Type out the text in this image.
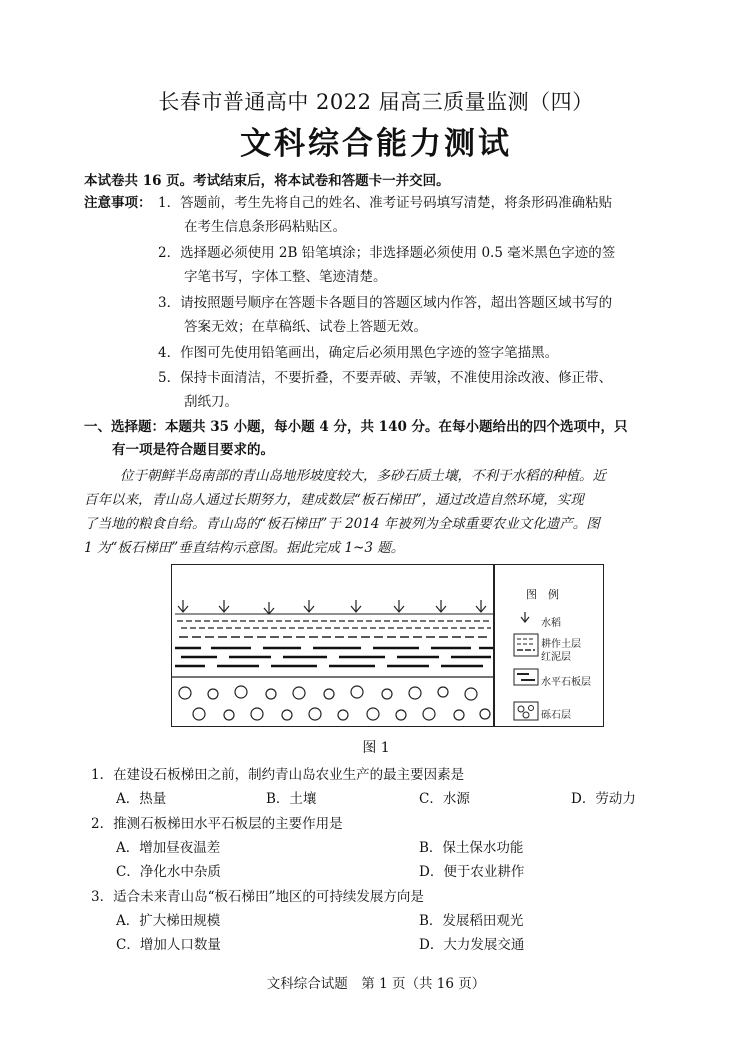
长春市普通高中 2022 届高三质量监测（四）
文科综合能力测试
本试卷共 16 页。考试结束后，将本试卷和答题卡一并交回。
注意事项： 1．答题前，考生先将自己的姓名、准考证号码填写清楚，将条形码准确粘贴
在考生信息条形码粘贴区。
2．选择题必须使用 2B 铅笔填涂；非选择题必须使用 0.5 毫米黑色字迹的签
字笔书写，字体工整、笔迹清楚。
3．请按照题号顺序在答题卡各题目的答题区域内作答，超出答题区域书写的
答案无效；在草稿纸、试卷上答题无效。
4．作图可先使用铅笔画出，确定后必须用黑色字迹的签字笔描黑。
5．保持卡面清洁，不要折叠，不要弄破、弄皱，不准使用涂改液、修正带、
刮纸刀。
一、选择题：本题共 35 小题，每小题 4 分，共 140 分。在每小题给出的四个选项中，只
有一项是符合题目要求的。
位于朝鲜半岛南部的青山岛地形坡度较大，多砂石质土壤，不利于水稻的种植。近
百年以来，青山岛人通过长期努力，建成数层“板石梯田”，通过改造自然环境，实现
了当地的粮食自给。青山岛的“板石梯田”于 2014 年被列为全球重要农业文化遗产。图
1 为“板石梯田”垂直结构示意图。据此完成 1~3 题。
图　例
水稻
耕作土层
红泥层
水平石板层
砾石层
图 1
1．在建设石板梯田之前，制约青山岛农业生产的最主要因素是
A．热量	B．土壤	C．水源	D．劳动力
2．推测石板梯田水平石板层的主要作用是
A．增加昼夜温差	B．保土保水功能
C．净化水中杂质	D．便于农业耕作
3．适合未来青山岛“板石梯田”地区的可持续发展方向是
A．扩大梯田规模	B．发展稻田观光
C．增加人口数量	D．大力发展交通
文科综合试题　第 1 页（共 16 页）
